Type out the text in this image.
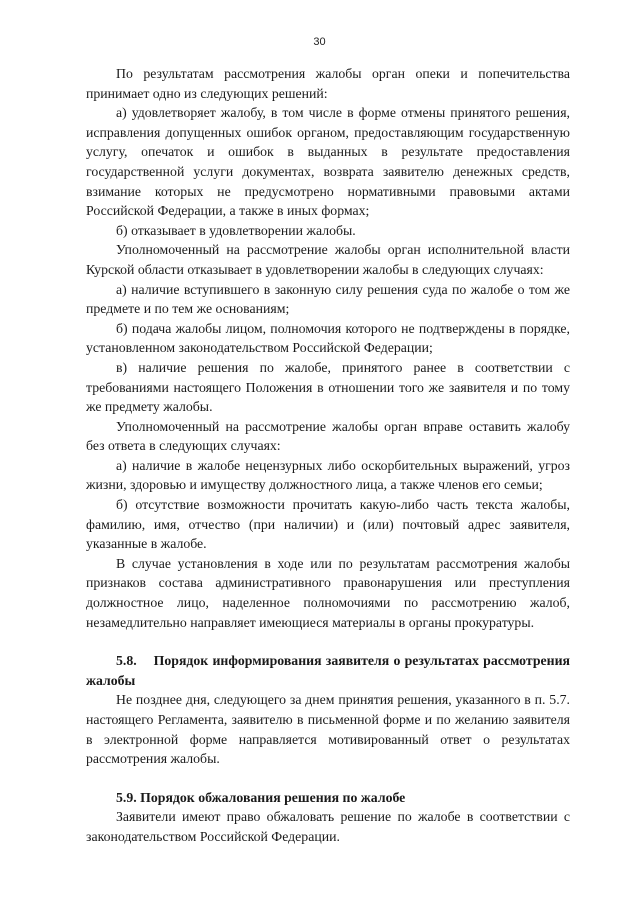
30

По результатам рассмотрения жалобы орган опеки и попечительства принимает одно из следующих решений:

а) удовлетворяет жалобу, в том числе в форме отмены принятого решения, исправления допущенных ошибок органом, предоставляющим государственную услугу, опечаток и ошибок в выданных в результате предоставления государственной услуги документах, возврата заявителю денежных средств, взимание которых не предусмотрено нормативными правовыми актами Российской Федерации, а также в иных формах;

б) отказывает в удовлетворении жалобы.

Уполномоченный на рассмотрение жалобы орган исполнительной власти Курской области отказывает в удовлетворении жалобы в следующих случаях:

а) наличие вступившего в законную силу решения суда по жалобе о том же предмете и по тем же основаниям;

б) подача жалобы лицом, полномочия которого не подтверждены в порядке, установленном законодательством Российской Федерации;

в) наличие решения по жалобе, принятого ранее в соответствии с требованиями настоящего Положения в отношении того же заявителя и по тому же предмету жалобы.

Уполномоченный на рассмотрение жалобы орган вправе оставить жалобу без ответа в следующих случаях:

а) наличие в жалобе нецензурных либо оскорбительных выражений, угроз жизни, здоровью и имуществу должностного лица, а также членов его семьи;

б) отсутствие возможности прочитать какую-либо часть текста жалобы, фамилию, имя, отчество (при наличии) и (или) почтовый адрес заявителя, указанные в жалобе.

В случае установления в ходе или по результатам рассмотрения жалобы признаков состава административного правонарушения или преступления должностное лицо, наделенное полномочиями по рассмотрению жалоб, незамедлительно направляет имеющиеся материалы в органы прокуратуры.

5.8. Порядок информирования заявителя о результатах рассмотрения жалобы

Не позднее дня, следующего за днем принятия решения, указанного в п. 5.7. настоящего Регламента, заявителю в письменной форме и по желанию заявителя в электронной форме направляется мотивированный ответ о результатах рассмотрения жалобы.

5.9. Порядок обжалования решения по жалобе

Заявители имеют право обжаловать решение по жалобе в соответствии с законодательством Российской Федерации.
